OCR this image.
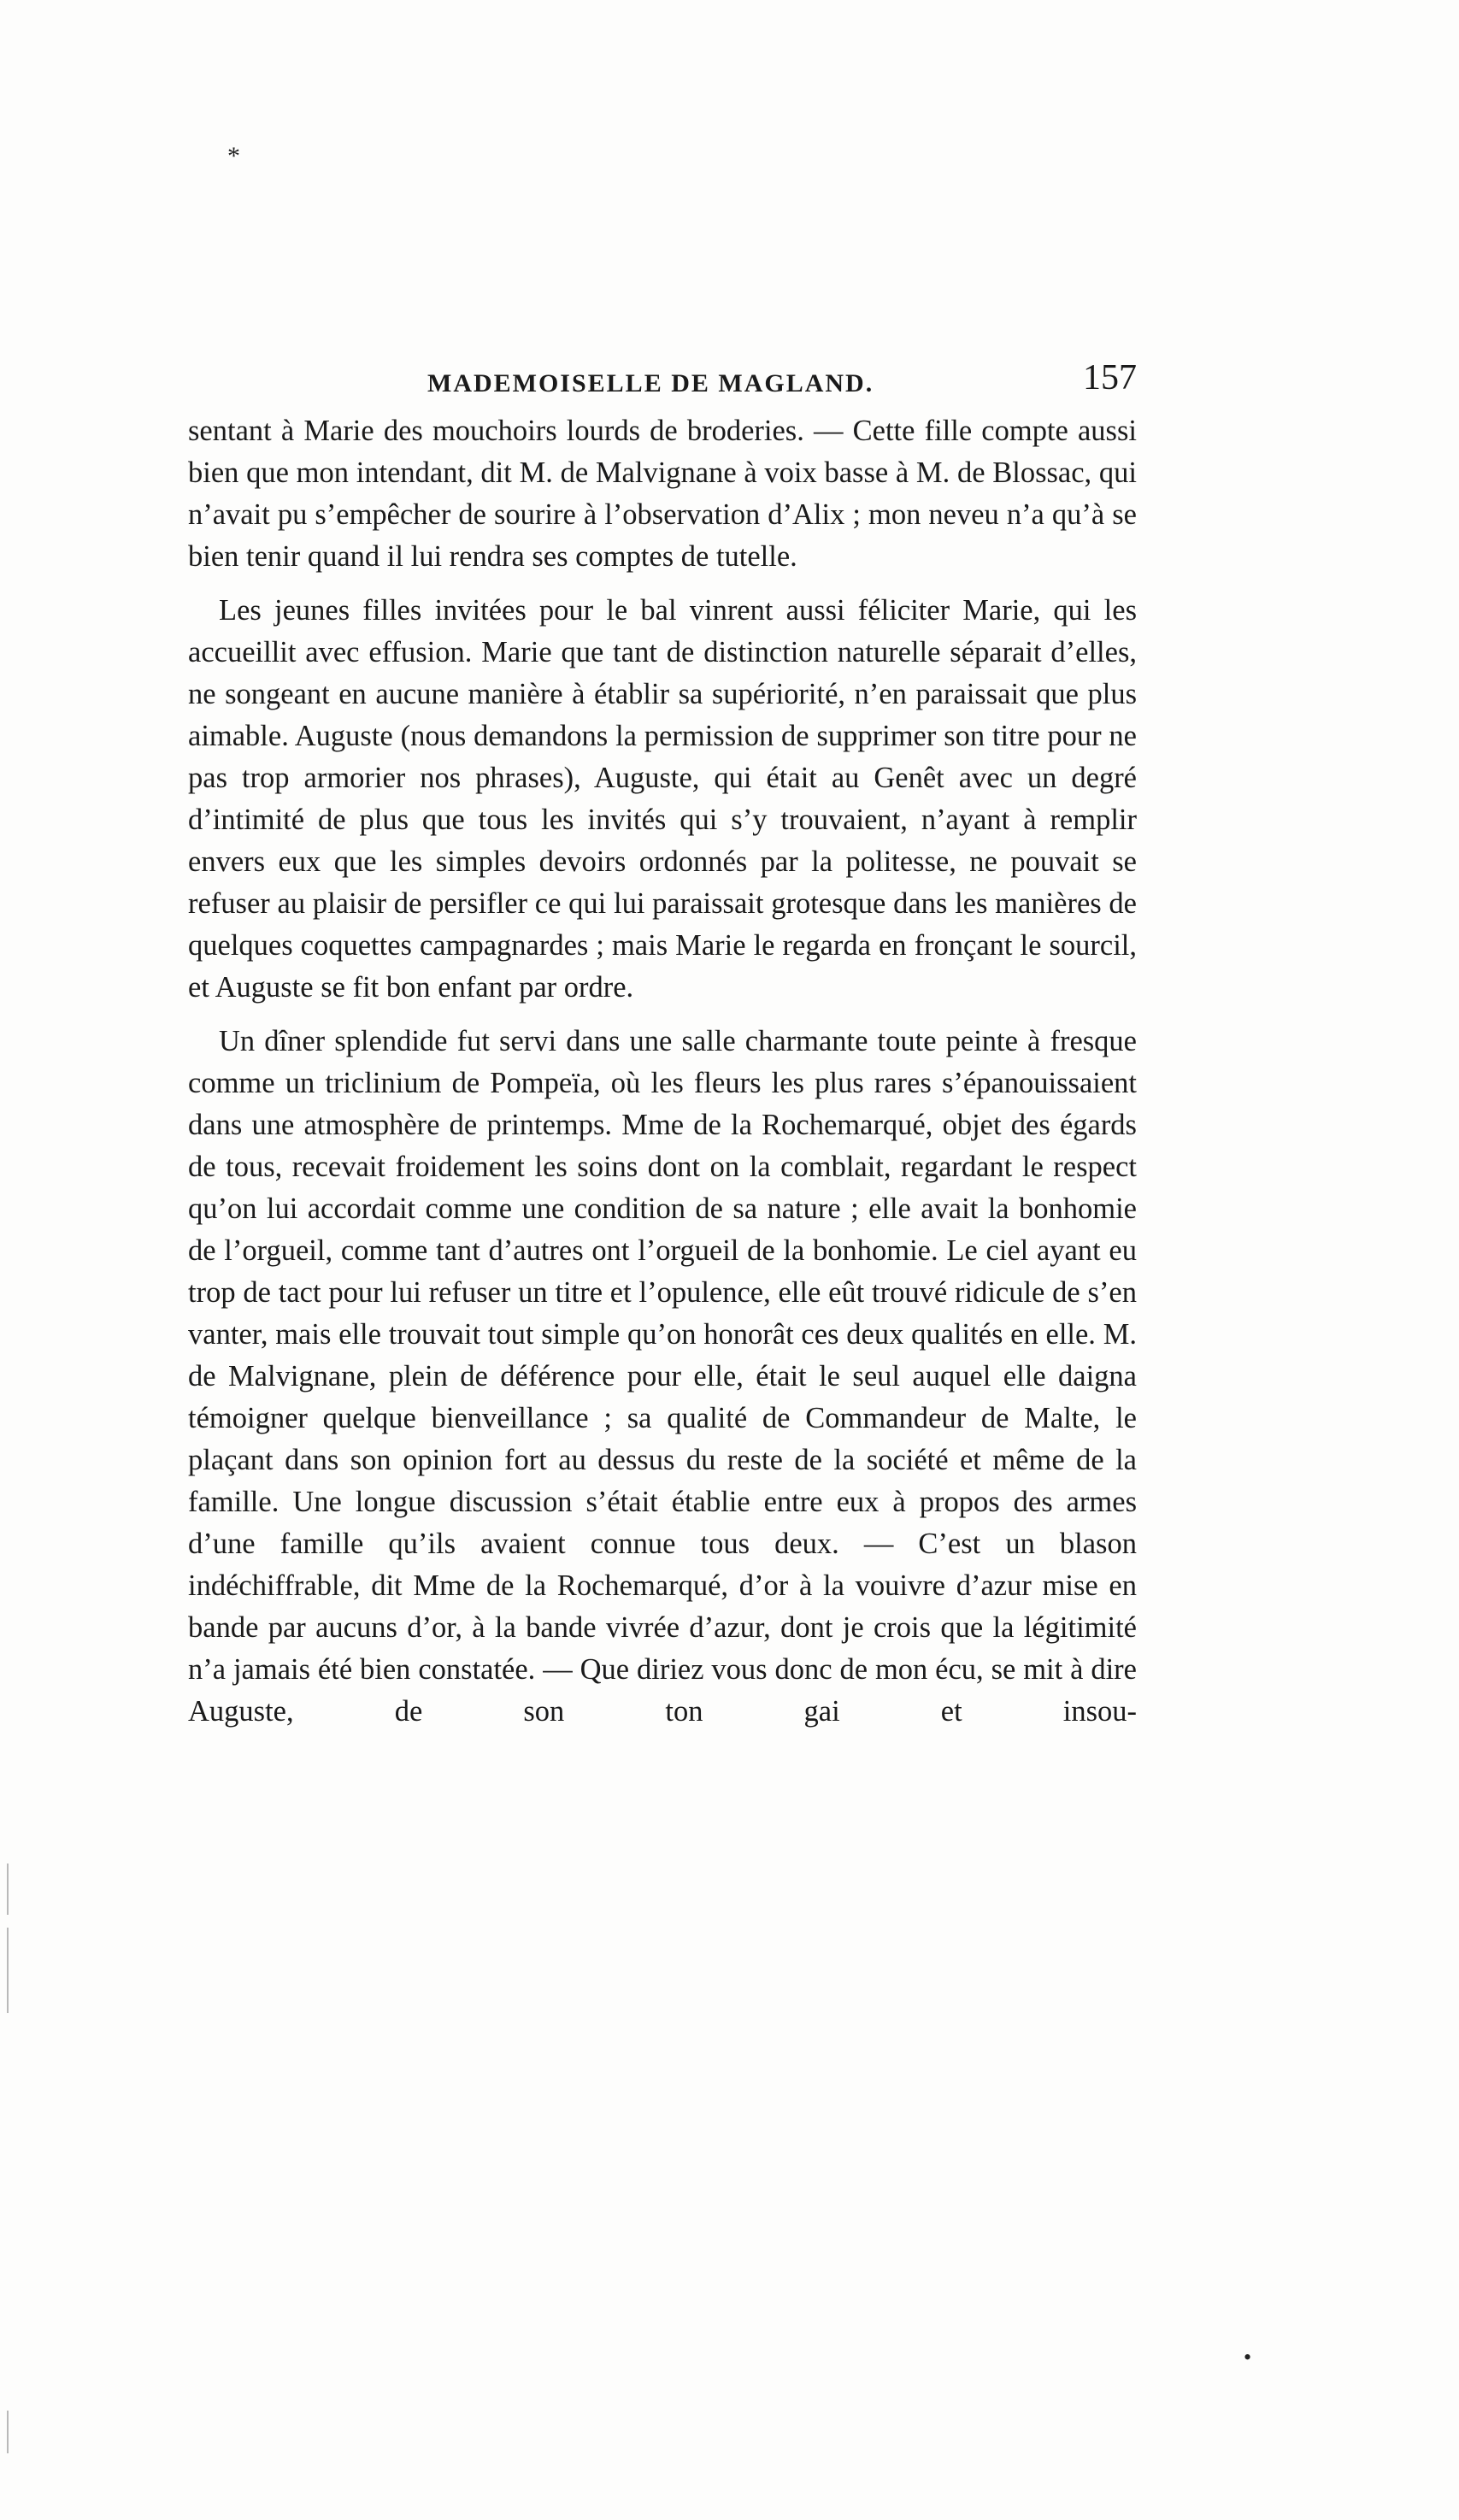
*
•
MADEMOISELLE DE MAGLAND.	157

sentant à Marie des mouchoirs lourds de broderies. — Cette fille compte aussi bien que mon intendant, dit M. de Malvignane à voix basse à M. de Blossac, qui n’avait pu s’empêcher de sourire à l’observation d’Alix ; mon neveu n’a qu’à se bien tenir quand il lui rendra ses comptes de tutelle.

Les jeunes filles invitées pour le bal vinrent aussi féliciter Marie, qui les accueillit avec effusion. Marie que tant de distinction naturelle séparait d’elles, ne songeant en aucune manière à établir sa supériorité, n’en paraissait que plus aimable. Auguste (nous demandons la permission de supprimer son titre pour ne pas trop armorier nos phrases), Auguste, qui était au Genêt avec un degré d’intimité de plus que tous les invités qui s’y trouvaient, n’ayant à remplir envers eux que les simples devoirs ordonnés par la politesse, ne pouvait se refuser au plaisir de persifler ce qui lui paraissait grotesque dans les manières de quelques coquettes campagnardes ; mais Marie le regarda en fronçant le sourcil, et Auguste se fit bon enfant par ordre.

Un dîner splendide fut servi dans une salle charmante toute peinte à fresque comme un triclinium de Pompeïa, où les fleurs les plus rares s’épanouissaient dans une atmosphère de printemps. Mme de la Rochemarqué, objet des égards de tous, recevait froidement les soins dont on la comblait, regardant le respect qu’on lui accordait comme une condition de sa nature ; elle avait la bonhomie de l’orgueil, comme tant d’autres ont l’orgueil de la bonhomie. Le ciel ayant eu trop de tact pour lui refuser un titre et l’opulence, elle eût trouvé ridicule de s’en vanter, mais elle trouvait tout simple qu’on honorât ces deux qualités en elle. M. de Malvignane, plein de déférence pour elle, était le seul auquel elle daigna témoigner quelque bienveillance ; sa qualité de Commandeur de Malte, le plaçant dans son opinion fort au dessus du reste de la société et même de la famille. Une longue discussion s’était établie entre eux à propos des armes d’une famille qu’ils avaient connue tous deux. — C’est un blason indéchiffrable, dit Mme de la Rochemarqué, d’or à la vouivre d’azur mise en bande par aucuns d’or, à la bande vivrée d’azur, dont je crois que la légitimité n’a jamais été bien constatée. — Que diriez vous donc de mon écu, se mit à dire Auguste, de son ton gai et insou-
